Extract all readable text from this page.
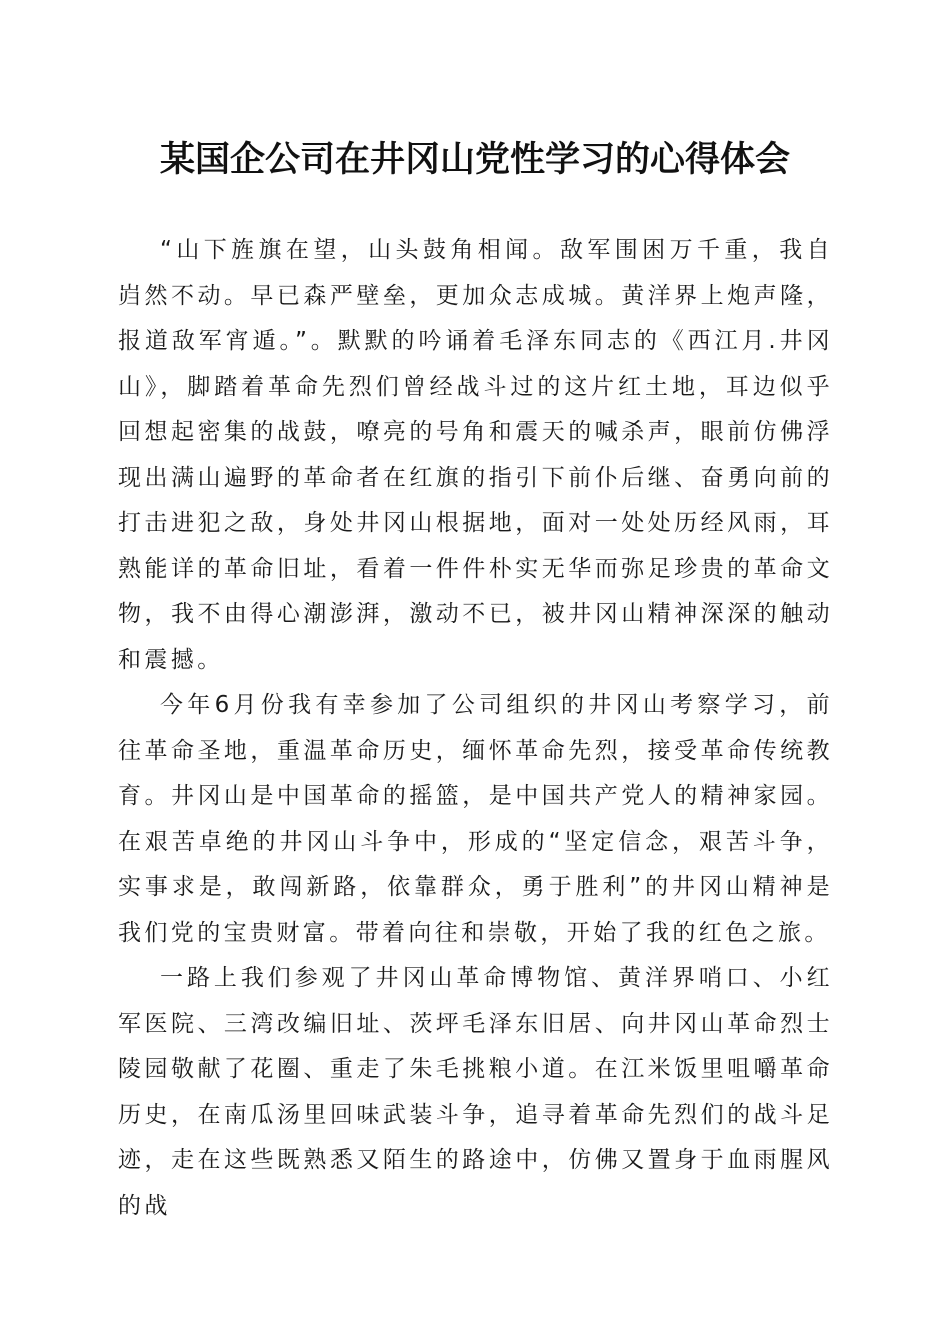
某国企公司在井冈山党性学习的心得体会

“山下旌旗在望，山头鼓角相闻。敌军围困万千重，我自岿然不动。早已森严壁垒，更加众志成城。黄洋界上炮声隆，报道敌军宵遁。”。默默的吟诵着毛泽东同志的《西江月.井冈山》，脚踏着革命先烈们曾经战斗过的这片红土地，耳边似乎回想起密集的战鼓，嘹亮的号角和震天的喊杀声，眼前仿佛浮现出满山遍野的革命者在红旗的指引下前仆后继、奋勇向前的打击进犯之敌，身处井冈山根据地，面对一处处历经风雨，耳熟能详的革命旧址，看着一件件朴实无华而弥足珍贵的革命文物，我不由得心潮澎湃，激动不已，被井冈山精神深深的触动和震撼。

今年6月份我有幸参加了公司组织的井冈山考察学习，前往革命圣地，重温革命历史，缅怀革命先烈，接受革命传统教育。井冈山是中国革命的摇篮，是中国共产党人的精神家园。在艰苦卓绝的井冈山斗争中，形成的“坚定信念，艰苦斗争，实事求是，敢闯新路，依靠群众，勇于胜利”的井冈山精神是我们党的宝贵财富。带着向往和崇敬，开始了我的红色之旅。

一路上我们参观了井冈山革命博物馆、黄洋界哨口、小红军医院、三湾改编旧址、茨坪毛泽东旧居、向井冈山革命烈士陵园敬献了花圈、重走了朱毛挑粮小道。在江米饭里咀嚼革命历史，在南瓜汤里回味武装斗争，追寻着革命先烈们的战斗足迹，走在这些既熟悉又陌生的路途中，仿佛又置身于血雨腥风的战
